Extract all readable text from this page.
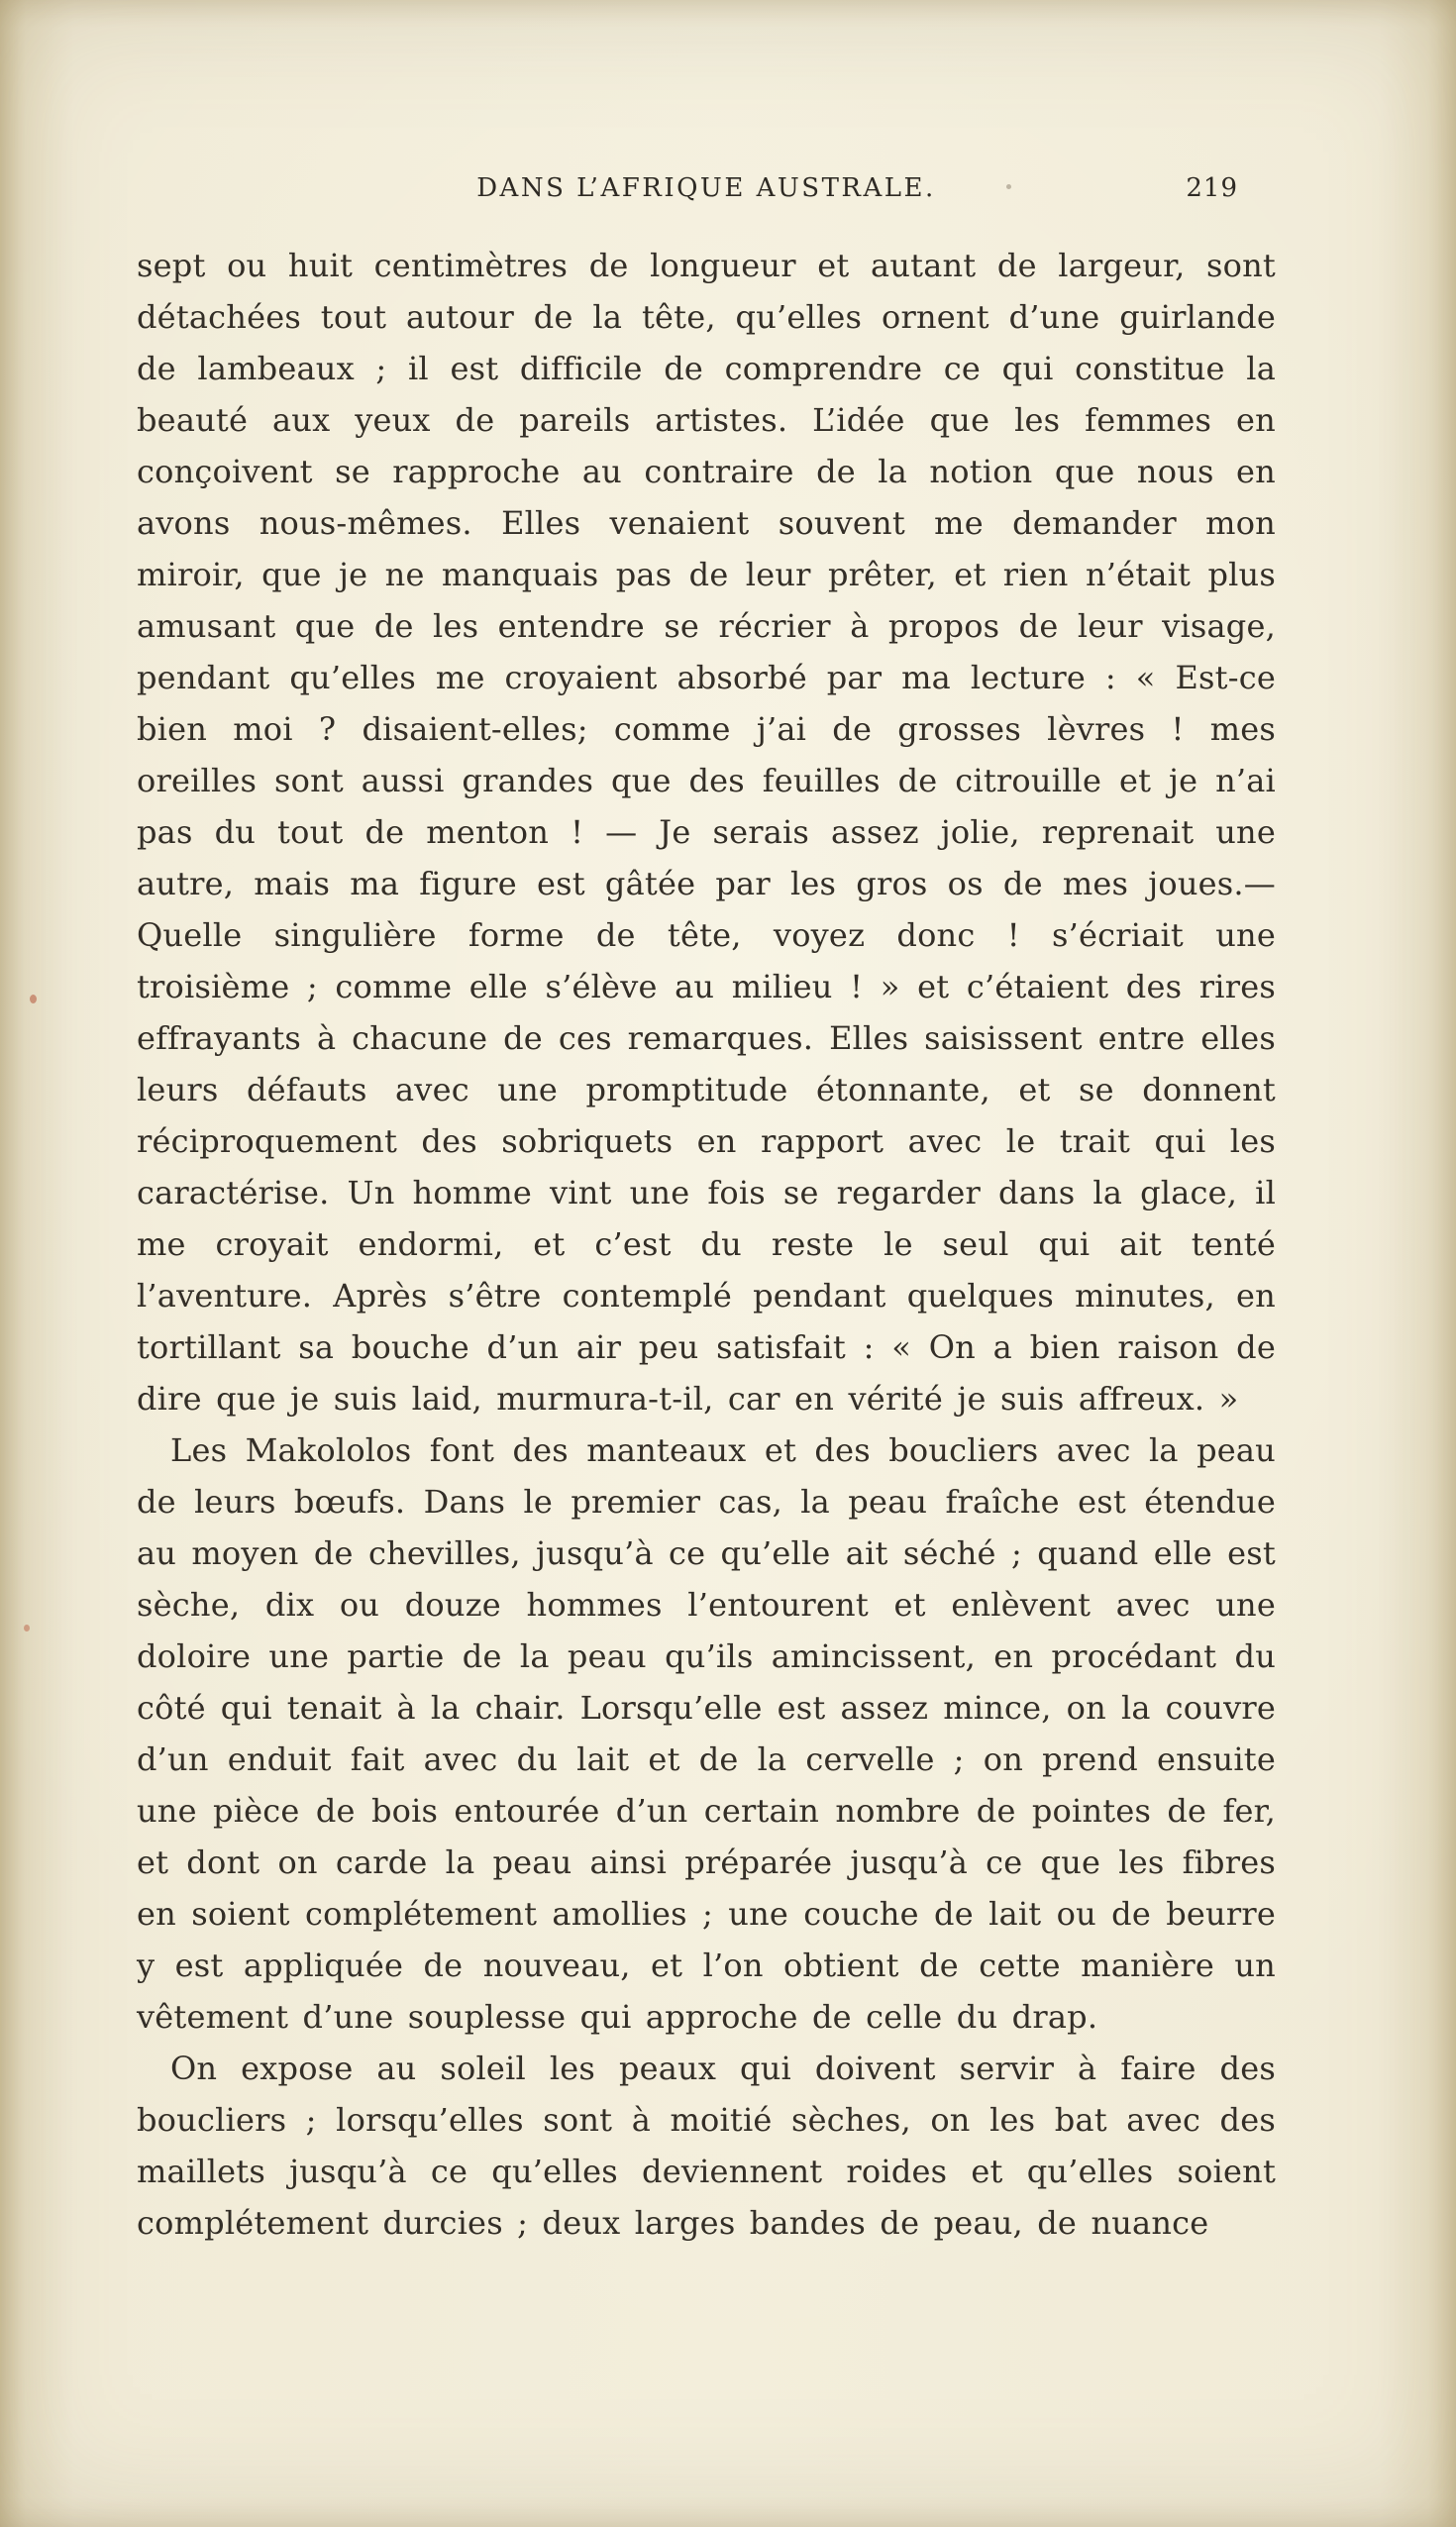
DANS L’AFRIQUE AUSTRALE.	219

sept ou huit centimètres de longueur et autant de largeur, sont détachées tout autour de la tête, qu’elles ornent d’une guirlande de lambeaux ; il est difficile de comprendre ce qui constitue la beauté aux yeux de pareils artistes. L’idée que les femmes en conçoivent se rapproche au contraire de la notion que nous en avons nous-mêmes. Elles venaient souvent me demander mon miroir, que je ne manquais pas de leur prêter, et rien n’était plus amusant que de les entendre se récrier à propos de leur visage, pendant qu’elles me croyaient absorbé par ma lecture : « Est-ce bien moi ? disaient-elles; comme j’ai de grosses lèvres ! mes oreilles sont aussi grandes que des feuilles de citrouille et je n’ai pas du tout de menton ! — Je serais assez jolie, reprenait une autre, mais ma figure est gâtée par les gros os de mes joues.— Quelle singulière forme de tête, voyez donc ! s’écriait une troisième ; comme elle s’élève au milieu ! » et c’étaient des rires effrayants à chacune de ces remarques. Elles saisissent entre elles leurs défauts avec une promptitude étonnante, et se donnent réciproquement des sobriquets en rapport avec le trait qui les caractérise. Un homme vint une fois se regarder dans la glace, il me croyait endormi, et c’est du reste le seul qui ait tenté l’aventure. Après s’être contemplé pendant quelques minutes, en tortillant sa bouche d’un air peu satisfait : « On a bien raison de dire que je suis laid, murmura-t-il, car en vérité je suis affreux. »

Les Makololos font des manteaux et des boucliers avec la peau de leurs bœufs. Dans le premier cas, la peau fraîche est étendue au moyen de chevilles, jusqu’à ce qu’elle ait séché ; quand elle est sèche, dix ou douze hommes l’entourent et enlèvent avec une doloire une partie de la peau qu’ils amincissent, en procédant du côté qui tenait à la chair. Lorsqu’elle est assez mince, on la couvre d’un enduit fait avec du lait et de la cervelle ; on prend ensuite une pièce de bois entourée d’un certain nombre de pointes de fer, et dont on carde la peau ainsi préparée jusqu’à ce que les fibres en soient complétement amollies ; une couche de lait ou de beurre y est appliquée de nouveau, et l’on obtient de cette manière un vêtement d’une souplesse qui approche de celle du drap.

On expose au soleil les peaux qui doivent servir à faire des boucliers ; lorsqu’elles sont à moitié sèches, on les bat avec des maillets jusqu’à ce qu’elles deviennent roides et qu’elles soient complétement durcies ; deux larges bandes de peau, de nuance
